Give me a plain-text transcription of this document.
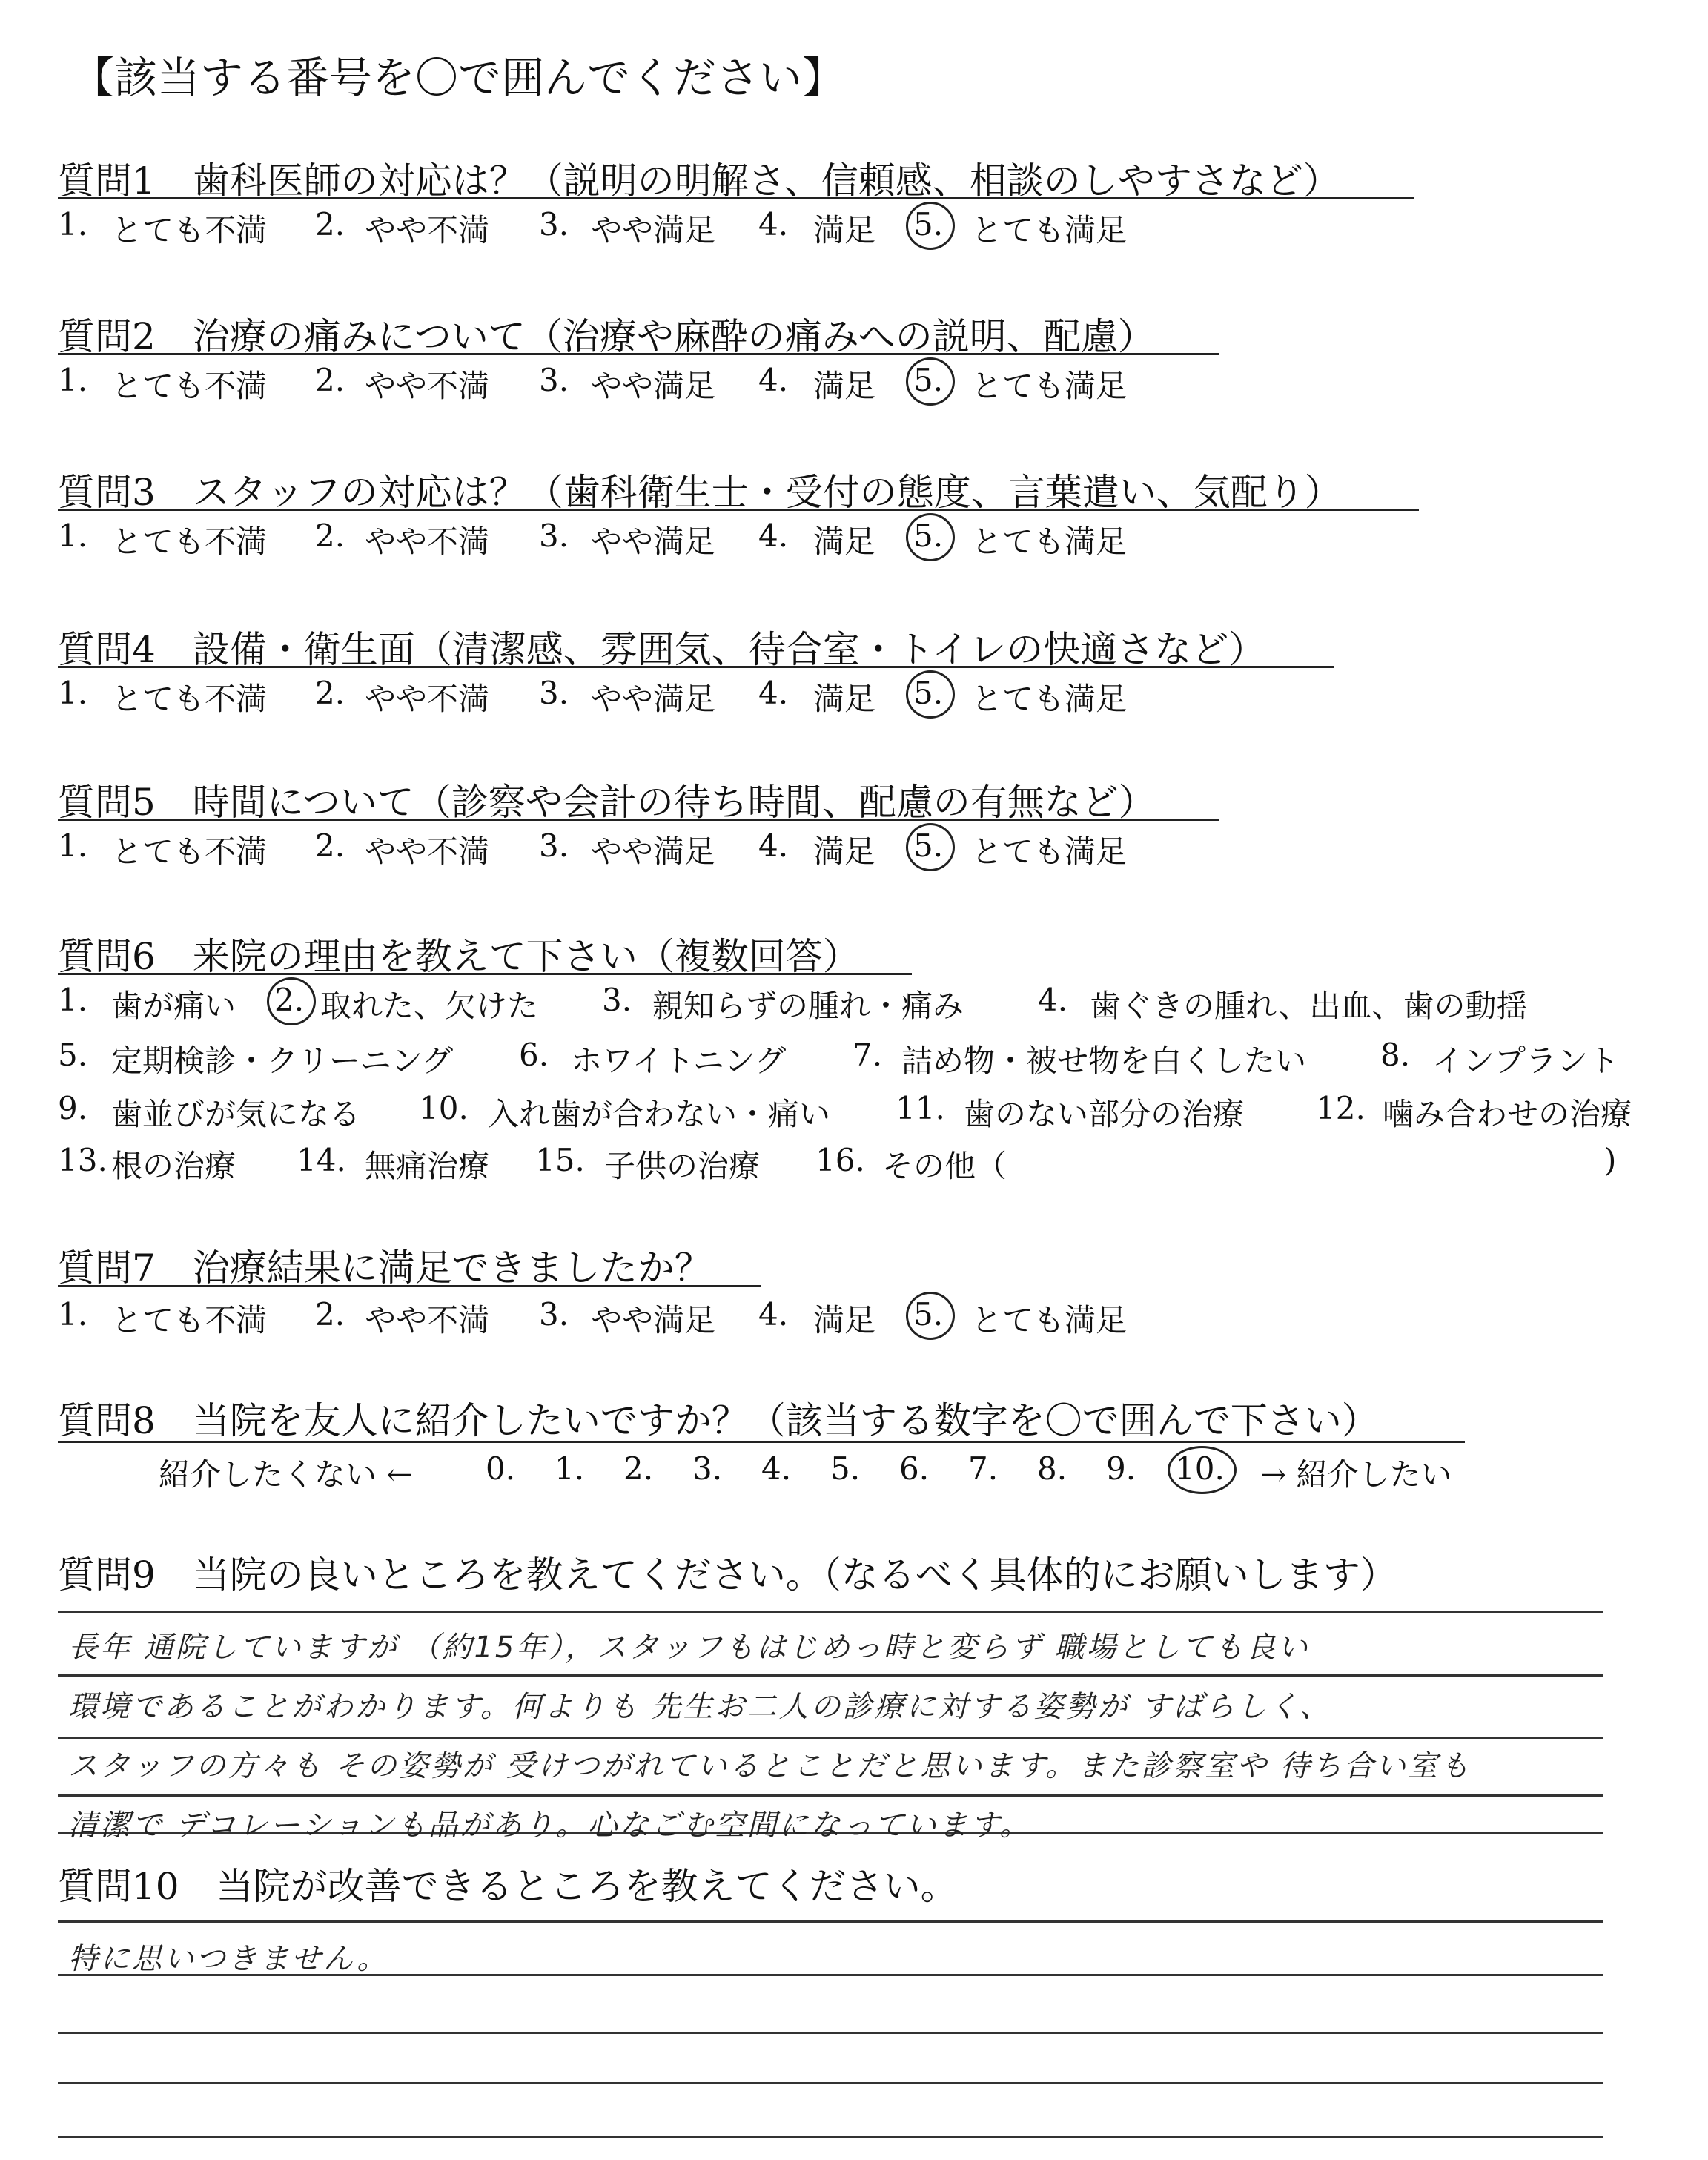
【該当する番号を〇で囲んでください】
質問6　来院の理由を教えて下さい（複数回答）
質問7　治療結果に満足できましたか？
質問8　当院を友人に紹介したいですか？（該当する数字を〇で囲んで下さい）
紹介したくない ←	→ 紹介したい
質問9　当院の良いところを教えてください。（なるべく具体的にお願いします）
質問10　当院が改善できるところを教えてください。
質問1　歯科医師の対応は？（説明の明解さ、信頼感、相談のしやすさなど）
1. とても不満 2. やや不満 3. やや満足 4. 満足 5. とても満足
質問2　治療の痛みについて（治療や麻酔の痛みへの説明、配慮）
1. とても不満 2. やや不満 3. やや満足 4. 満足 5. とても満足
質問3　スタッフの対応は？（歯科衛生士・受付の態度、言葉遣い、気配り）
1. とても不満 2. やや不満 3. やや満足 4. 満足 5. とても満足
質問4　設備・衛生面（清潔感、雰囲気、待合室・トイレの快適さなど）
1. とても不満 2. やや不満 3. やや満足 4. 満足 5. とても満足
質問5　時間について（診察や会計の待ち時間、配慮の有無など）
1. とても不満 2. やや不満 3. やや満足 4. 満足 5. とても満足
1. 歯が痛い 2. 取れた、欠けた 3. 親知らずの腫れ・痛み 4. 歯ぐきの腫れ、出血、歯の動揺
5. 定期検診・クリーニング 6. ホワイトニング 7. 詰め物・被せ物を白くしたい 8. インプラント
9. 歯並びが気になる 10. 入れ歯が合わない・痛い 11. 歯のない部分の治療 12. 噛み合わせの治療
13. 根の治療 14. 無痛治療 15. 子供の治療 16. その他（	)
1. とても不満 2. やや不満 3. やや満足 4. 満足 5. とても満足
0. 1. 2. 3. 4. 5. 6. 7. 8. 9. 10.
長年 通院していますが （約15年），スタッフもはじめっ時と変らず 職場としても良い
環境であることがわかります。何よりも 先生お二人の診療に対する姿勢が すばらしく、
スタッフの方々も その姿勢が 受けつがれているとことだと思います。また診察室や 待ち合い室も
清潔で デコレーションも品があり。心なごむ空間になっています。
特に思いつきません。
